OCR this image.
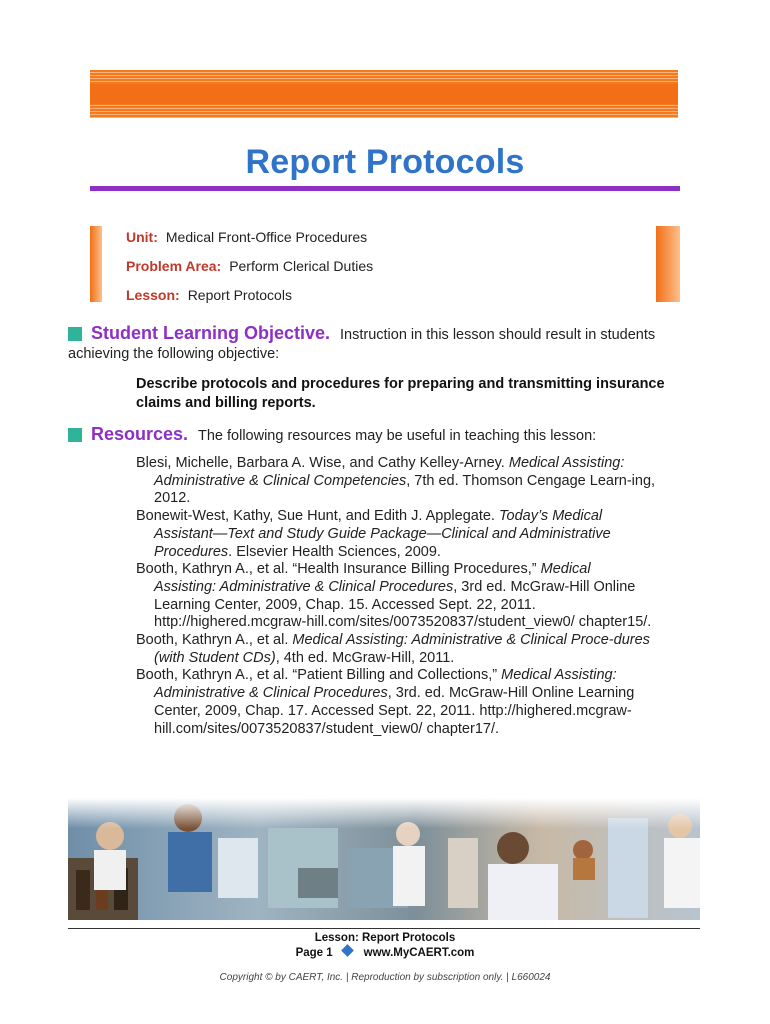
Report Protocols
Unit: Medical Front-Office Procedures
Problem Area: Perform Clerical Duties
Lesson: Report Protocols
Student Learning Objective. Instruction in this lesson should result in students
achieving the following objective:
Describe protocols and procedures for preparing and transmitting insurance claims and billing reports.
Resources. The following resources may be useful in teaching this lesson:
Blesi, Michelle, Barbara A. Wise, and Cathy Kelley-Arney. Medical Assisting: Administrative & Clinical Competencies, 7th ed. Thomson Cengage Learn-ing, 2012.
Bonewit-West, Kathy, Sue Hunt, and Edith J. Applegate. Today’s Medical Assistant—Text and Study Guide Package—Clinical and Administrative Procedures. Elsevier Health Sciences, 2009.
Booth, Kathryn A., et al. “Health Insurance Billing Procedures,” Medical Assisting: Administrative & Clinical Procedures, 3rd ed. McGraw-Hill Online Learning Center, 2009, Chap. 15. Accessed Sept. 22, 2011. http://highered.mcgraw-hill.com/sites/0073520837/student_view0/ chapter15/.
Booth, Kathryn A., et al. Medical Assisting: Administrative & Clinical Proce-dures (with Student CDs), 4th ed. McGraw-Hill, 2011.
Booth, Kathryn A., et al. “Patient Billing and Collections,” Medical Assisting: Administrative & Clinical Procedures, 3rd. ed. McGraw-Hill Online Learning Center, 2009, Chap. 17. Accessed Sept. 22, 2011. http://highered.mcgraw-hill.com/sites/0073520837/student_view0/ chapter17/.
Lesson: Report Protocols
Page 1	www.MyCAERT.com
Copyright © by CAERT, Inc. | Reproduction by subscription only. | L660024
